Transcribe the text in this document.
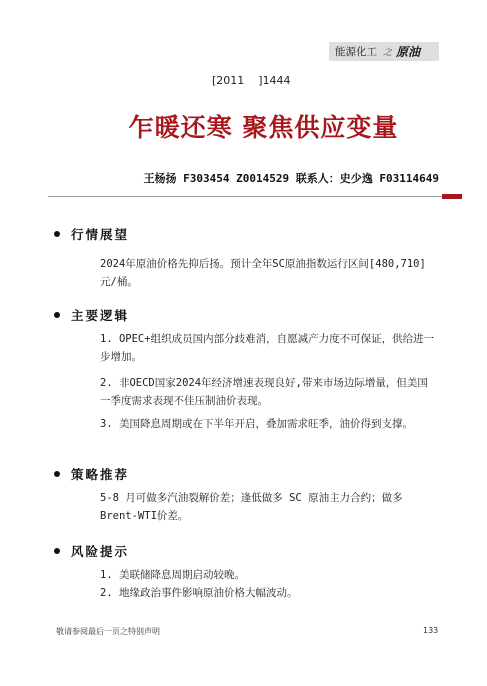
能源化工 之 原油
[2011    ]1444
乍暖还寒 聚焦供应变量
王杨扬 F303454 Z0014529 联系人：史少逸 F03114649
行情展望
2024年原油价格先抑后扬。预计全年SC原油指数运行区间[480,710]元/桶。
主要逻辑
1. OPEC+组织成员国内部分歧难消，自愿减产力度不可保证，供给进一步增加。
2. 非OECD国家2024年经济增速表现良好,带来市场边际增量，但美国一季度需求表现不佳压制油价表现。
3. 美国降息周期或在下半年开启，叠加需求旺季，油价得到支撑。
策略推荐
5-8 月可做多汽油裂解价差；逢低做多 SC 原油主力合约；做多Brent-WTI价差。
风险提示
1. 美联储降息周期启动较晚。
2. 地缘政治事件影响原油价格大幅波动。
敬请参阅最后一页之特别声明	133
